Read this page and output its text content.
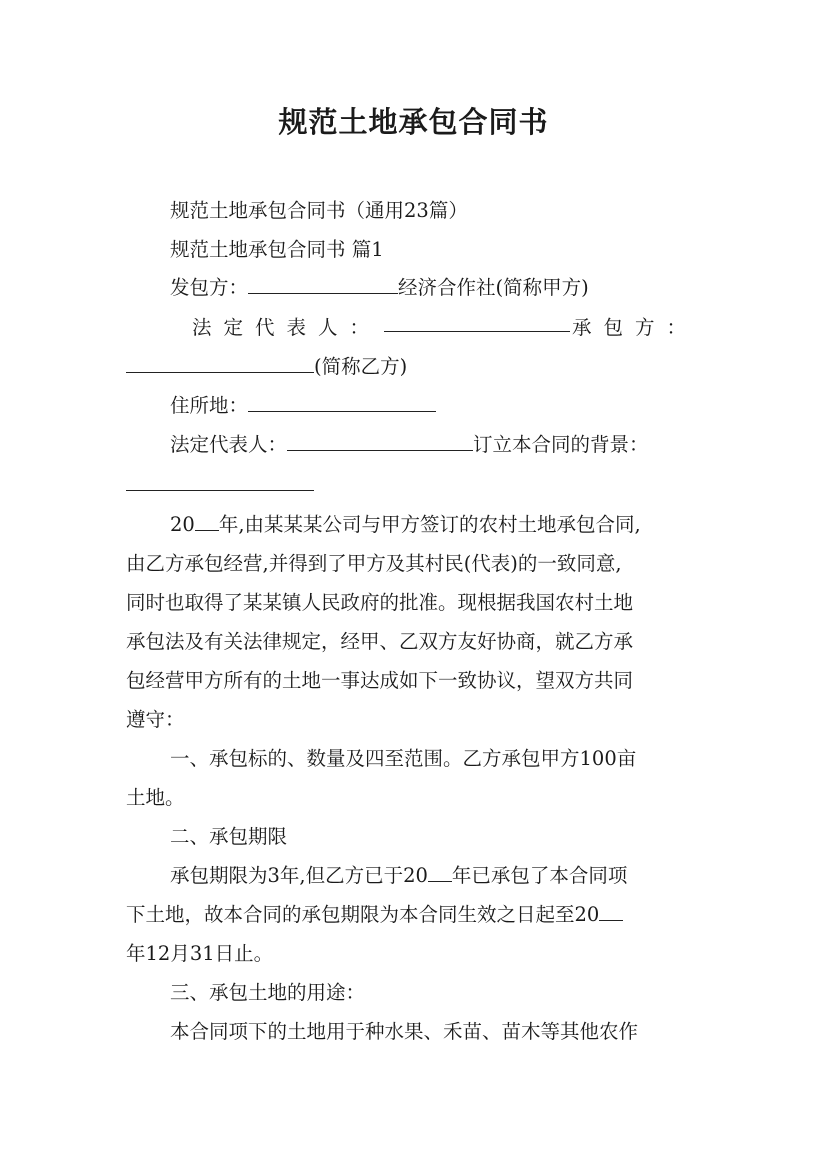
规范土地承包合同书
规范土地承包合同书（通用23篇）
规范土地承包合同书 篇1
发包方：	经济合作社(简称甲方)
法定代表人：	承包方：
(简称乙方)
住所地：
法定代表人：	订立本合同的背景：
20 年,由某某某公司与甲方签订的农村土地承包合同,
由乙方承包经营,并得到了甲方及其村民(代表)的一致同意,
同时也取得了某某镇人民政府的批准。现根据我国农村土地
承包法及有关法律规定，经甲、乙双方友好协商，就乙方承
包经营甲方所有的土地一事达成如下一致协议，望双方共同
遵守：
一、承包标的、数量及四至范围。乙方承包甲方100亩
土地。
二、承包期限
承包期限为3年,但乙方已于20 年已承包了本合同项
下土地，故本合同的承包期限为本合同生效之日起至20
年12月31日止。
三、承包土地的用途：
本合同项下的土地用于种水果、禾苗、苗木等其他农作
